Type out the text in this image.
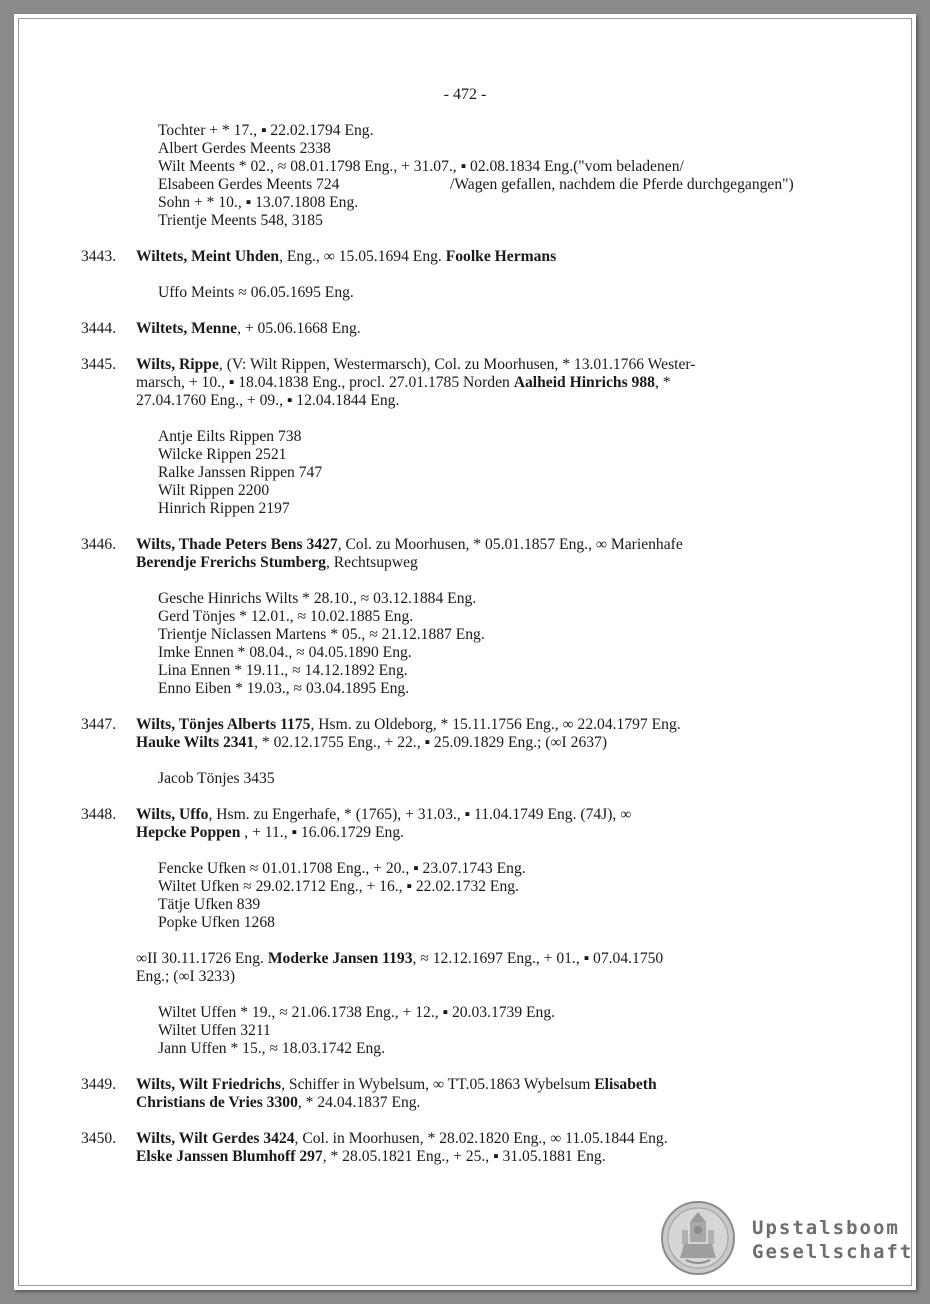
- 472 -
Tochter + * 17., ▪ 22.02.1794 Eng.
Albert Gerdes Meents 2338
Wilt Meents * 02., ≈ 08.01.1798 Eng., + 31.07., ▪ 02.08.1834 Eng.("vom beladenen/
Elsabeen Gerdes Meents 724	/Wagen gefallen, nachdem die Pferde durchgegangen")
Sohn + * 10., ▪ 13.07.1808 Eng.
Trientje Meents 548, 3185
3443. Wiltets, Meint Uhden, Eng., ∞ 15.05.1694 Eng. Foolke Hermans
Uffo Meints ≈ 06.05.1695 Eng.
3444. Wiltets, Menne, + 05.06.1668 Eng.
3445. Wilts, Rippe, (V: Wilt Rippen, Westermarsch), Col. zu Moorhusen, * 13.01.1766 Wester-
marsch, + 10., ▪ 18.04.1838 Eng., procl. 27.01.1785 Norden Aalheid Hinrichs 988, *
27.04.1760 Eng., + 09., ▪ 12.04.1844 Eng.
Antje Eilts Rippen 738
Wilcke Rippen 2521
Ralke Janssen Rippen 747
Wilt Rippen 2200
Hinrich Rippen 2197
3446. Wilts, Thade Peters Bens 3427, Col. zu Moorhusen, * 05.01.1857 Eng., ∞ Marienhafe
Berendje Frerichs Stumberg, Rechtsupweg
Gesche Hinrichs Wilts * 28.10., ≈ 03.12.1884 Eng.
Gerd Tönjes * 12.01., ≈ 10.02.1885 Eng.
Trientje Niclassen Martens * 05., ≈ 21.12.1887 Eng.
Imke Ennen * 08.04., ≈ 04.05.1890 Eng.
Lina Ennen * 19.11., ≈ 14.12.1892 Eng.
Enno Eiben * 19.03., ≈ 03.04.1895 Eng.
3447. Wilts, Tönjes Alberts 1175, Hsm. zu Oldeborg, * 15.11.1756 Eng., ∞ 22.04.1797 Eng.
Hauke Wilts 2341, * 02.12.1755 Eng., + 22., ▪ 25.09.1829 Eng.; (∞I 2637)
Jacob Tönjes 3435
3448. Wilts, Uffo, Hsm. zu Engerhafe, * (1765), + 31.03., ▪ 11.04.1749 Eng. (74J), ∞
Hepcke Poppen , + 11., ▪ 16.06.1729 Eng.
Fencke Ufken ≈ 01.01.1708 Eng., + 20., ▪ 23.07.1743 Eng.
Wiltet Ufken ≈ 29.02.1712 Eng., + 16., ▪ 22.02.1732 Eng.
Tätje Ufken 839
Popke Ufken 1268
∞II 30.11.1726 Eng. Moderke Jansen 1193, ≈ 12.12.1697 Eng., + 01., ▪ 07.04.1750
Eng.; (∞I 3233)
Wiltet Uffen * 19., ≈ 21.06.1738 Eng., + 12., ▪ 20.03.1739 Eng.
Wiltet Uffen 3211
Jann Uffen * 15., ≈ 18.03.1742 Eng.
3449. Wilts, Wilt Friedrichs, Schiffer in Wybelsum, ∞ TT.05.1863 Wybelsum Elisabeth
Christians de Vries 3300, * 24.04.1837 Eng.
3450. Wilts, Wilt Gerdes 3424, Col. in Moorhusen, * 28.02.1820 Eng., ∞ 11.05.1844 Eng.
Elske Janssen Blumhoff 297, * 28.05.1821 Eng., + 25., ▪ 31.05.1881 Eng.
Upstalsboom
Gesellschaft
